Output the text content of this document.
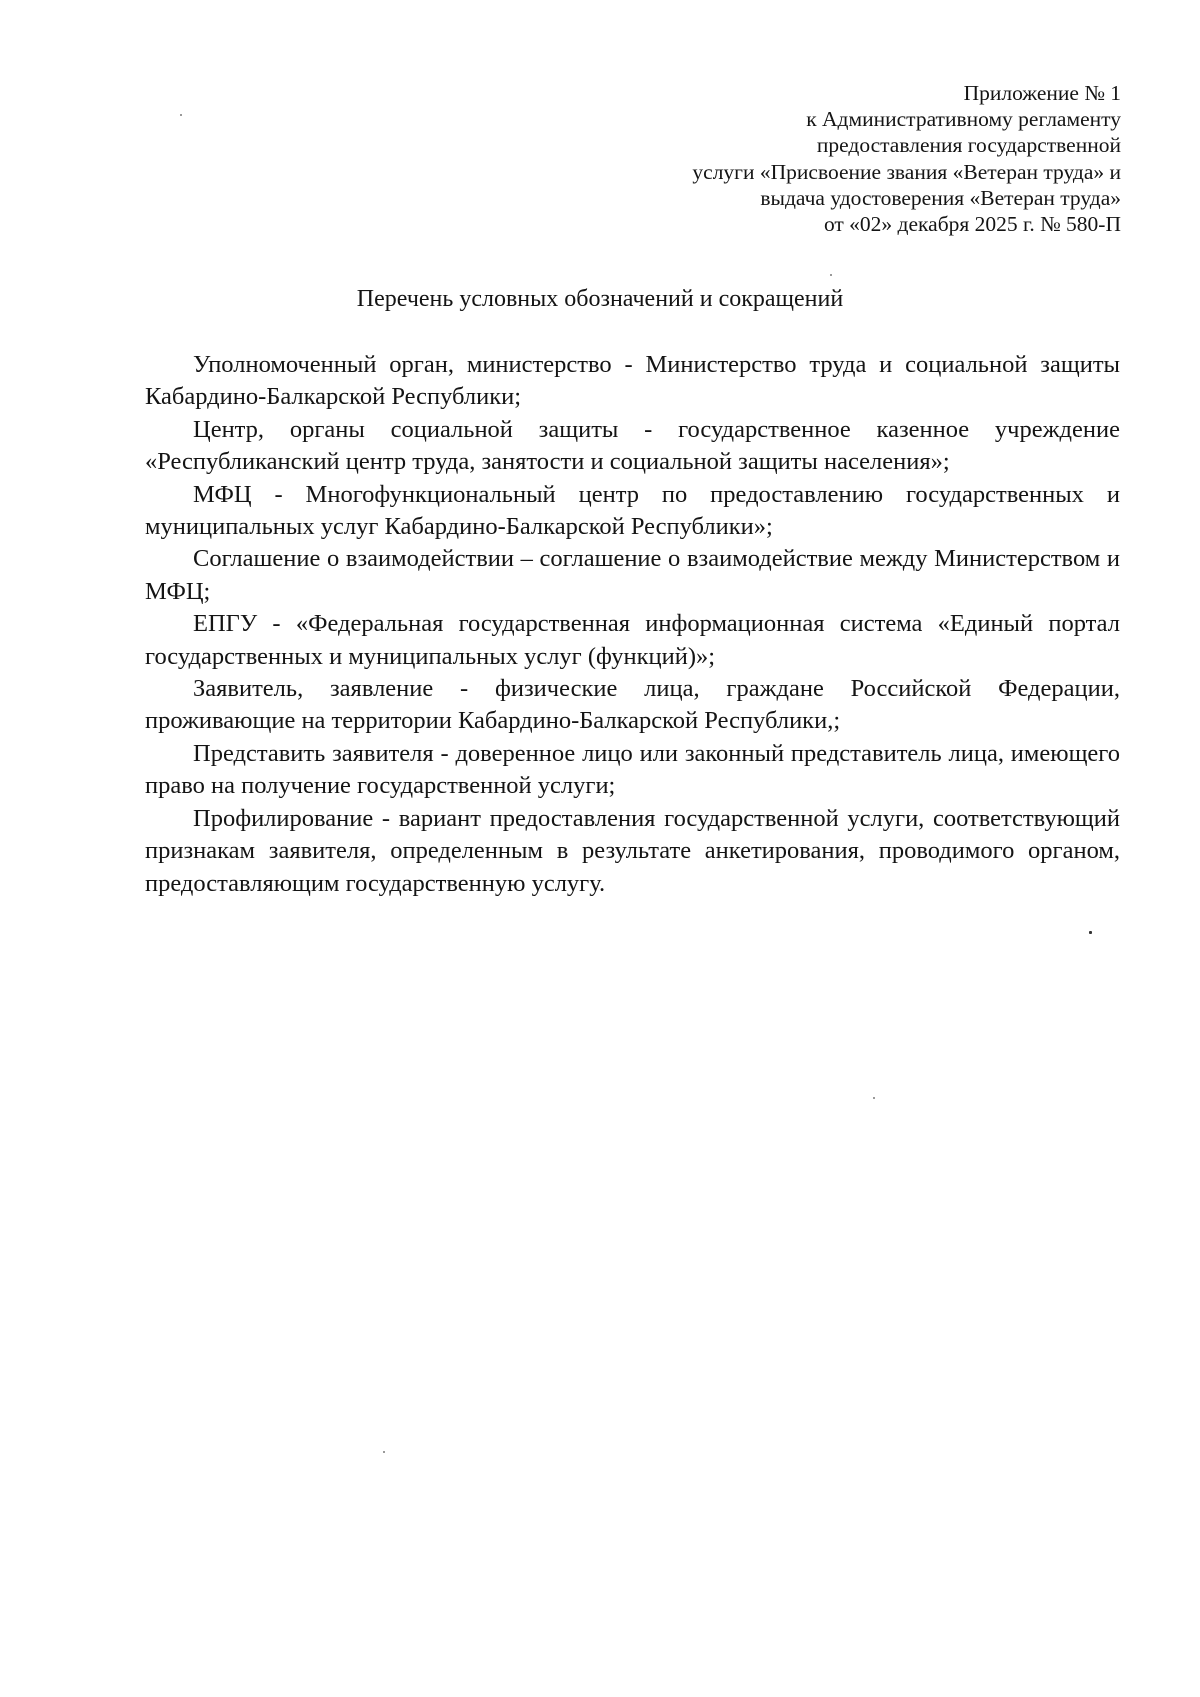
Приложение № 1
к Административному регламенту
предоставления государственной
услуги «Присвоение звания «Ветеран труда» и
выдача удостоверения «Ветеран труда»
от «02» декабря 2025 г. № 580-П
Перечень условных обозначений и сокращений

Уполномоченный орган, министерство - Министерство труда и социальной защиты Кабардино-Балкарской Республики;

Центр, органы социальной защиты - государственное казенное учреждение «Республиканский центр труда, занятости и социальной защиты населения»;

МФЦ - Многофункциональный центр по предоставлению государственных и муниципальных услуг Кабардино-Балкарской Республики»;

Соглашение о взаимодействии – соглашение о взаимодействие между Министерством и МФЦ;

ЕПГУ - «Федеральная государственная информационная система «Единый портал государственных и муниципальных услуг (функций)»;

Заявитель, заявление - физические лица, граждане Российской Федерации, проживающие на территории Кабардино-Балкарской Республики,;

Представить заявителя - доверенное лицо или законный представитель лица, имеющего право на получение государственной услуги;

Профилирование - вариант предоставления государственной услуги, соответствующий признакам заявителя, определенным в результате анкетирования, проводимого органом, предоставляющим государственную услугу.
